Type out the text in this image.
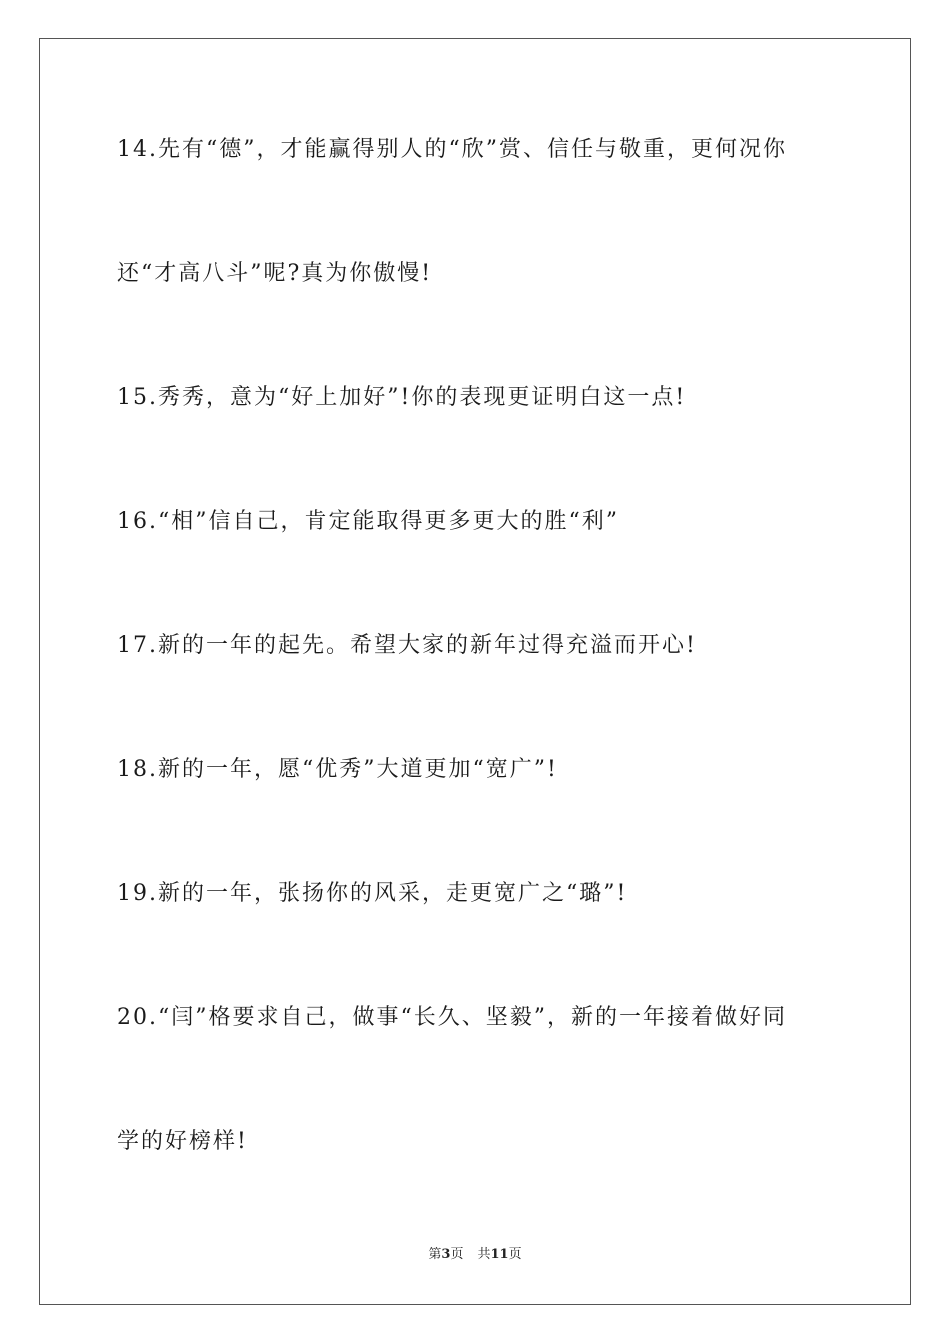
14.先有“德”，才能赢得别人的“欣”赏、信任与敬重，更何况你
还“才高八斗”呢?真为你傲慢!
15.秀秀，意为“好上加好”!你的表现更证明白这一点!
16.“相”信自己，肯定能取得更多更大的胜“利”
17.新的一年的起先。希望大家的新年过得充溢而开心!
18.新的一年，愿“优秀”大道更加“宽广”!
19.新的一年，张扬你的风采，走更宽广之“璐”!
20.“闫”格要求自己，做事“长久、坚毅”，新的一年接着做好同
学的好榜样!
第3页 共11页
